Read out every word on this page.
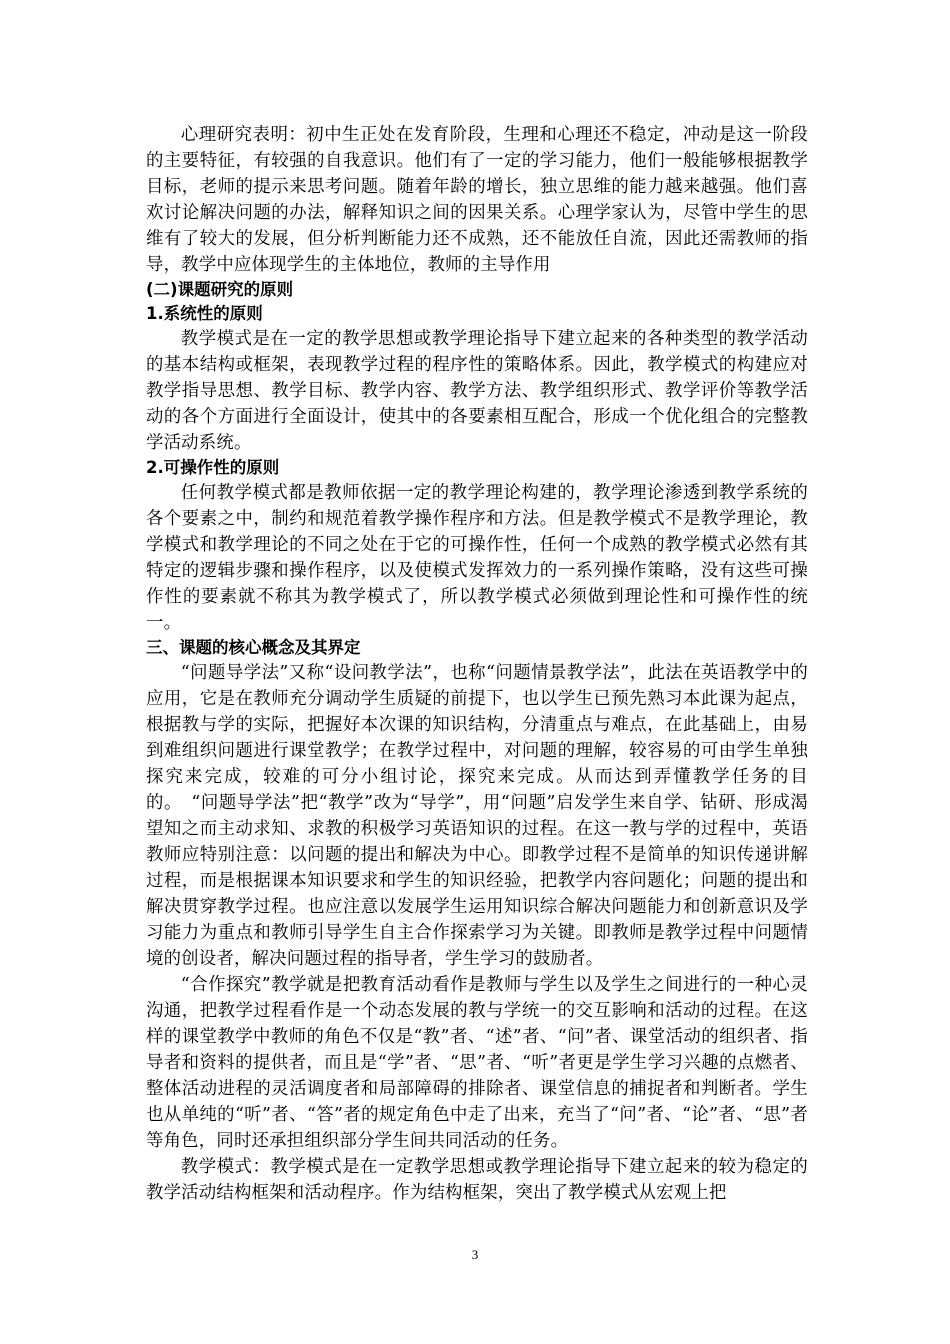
心理研究表明：初中生正处在发育阶段，生理和心理还不稳定，冲动是这一阶段的主要特征，有较强的自我意识。他们有了一定的学习能力，他们一般能够根据教学目标，老师的提示来思考问题。随着年龄的增长，独立思维的能力越来越强。他们喜欢讨论解决问题的办法，解释知识之间的因果关系。心理学家认为，尽管中学生的思维有了较大的发展，但分析判断能力还不成熟，还不能放任自流，因此还需教师的指导，教学中应体现学生的主体地位，教师的主导作用

(二)课题研究的原则

1.系统性的原则

教学模式是在一定的教学思想或教学理论指导下建立起来的各种类型的教学活动的基本结构或框架，表现教学过程的程序性的策略体系。因此，教学模式的构建应对教学指导思想、教学目标、教学内容、教学方法、教学组织形式、教学评价等教学活动的各个方面进行全面设计，使其中的各要素相互配合，形成一个优化组合的完整教学活动系统。

2.可操作性的原则

任何教学模式都是教师依据一定的教学理论构建的，教学理论渗透到教学系统的各个要素之中，制约和规范着教学操作程序和方法。但是教学模式不是教学理论，教学模式和教学理论的不同之处在于它的可操作性，任何一个成熟的教学模式必然有其特定的逻辑步骤和操作程序，以及使模式发挥效力的一系列操作策略，没有这些可操作性的要素就不称其为教学模式了，所以教学模式必须做到理论性和可操作性的统一。

三、课题的核心概念及其界定

“问题导学法”又称“设问教学法”，也称“问题情景教学法”，此法在英语教学中的应用，它是在教师充分调动学生质疑的前提下，也以学生已预先熟习本此课为起点，根据教与学的实际，把握好本次课的知识结构，分清重点与难点，在此基础上，由易到难组织问题进行课堂教学；在教学过程中，对问题的理解，较容易的可由学生单独探究来完成，较难的可分小组讨论，探究来完成。从而达到弄懂教学任务的目的。　“问题导学法”把“教学”改为“导学”，用“问题”启发学生来自学、钻研、形成渴望知之而主动求知、求教的积极学习英语知识的过程。在这一教与学的过程中，英语教师应特别注意：以问题的提出和解决为中心。即教学过程不是简单的知识传递讲解过程，而是根据课本知识要求和学生的知识经验，把教学内容问题化；问题的提出和解决贯穿教学过程。也应注意以发展学生运用知识综合解决问题能力和创新意识及学习能力为重点和教师引导学生自主合作探索学习为关键。即教师是教学过程中问题情境的创设者，解决问题过程的指导者，学生学习的鼓励者。

“合作探究”教学就是把教育活动看作是教师与学生以及学生之间进行的一种心灵沟通，把教学过程看作是一个动态发展的教与学统一的交互影响和活动的过程。在这样的课堂教学中教师的角色不仅是“教”者、“述”者、“问”者、课堂活动的组织者、指导者和资料的提供者，而且是“学”者、“思”者、“听”者更是学生学习兴趣的点燃者、整体活动进程的灵活调度者和局部障碍的排除者、课堂信息的捕捉者和判断者。学生也从单纯的“听”者、“答”者的规定角色中走了出来，充当了“问”者、“论”者、“思”者等角色，同时还承担组织部分学生间共同活动的任务。

教学模式：教学模式是在一定教学思想或教学理论指导下建立起来的较为稳定的教学活动结构框架和活动程序。作为结构框架，突出了教学模式从宏观上把

3
